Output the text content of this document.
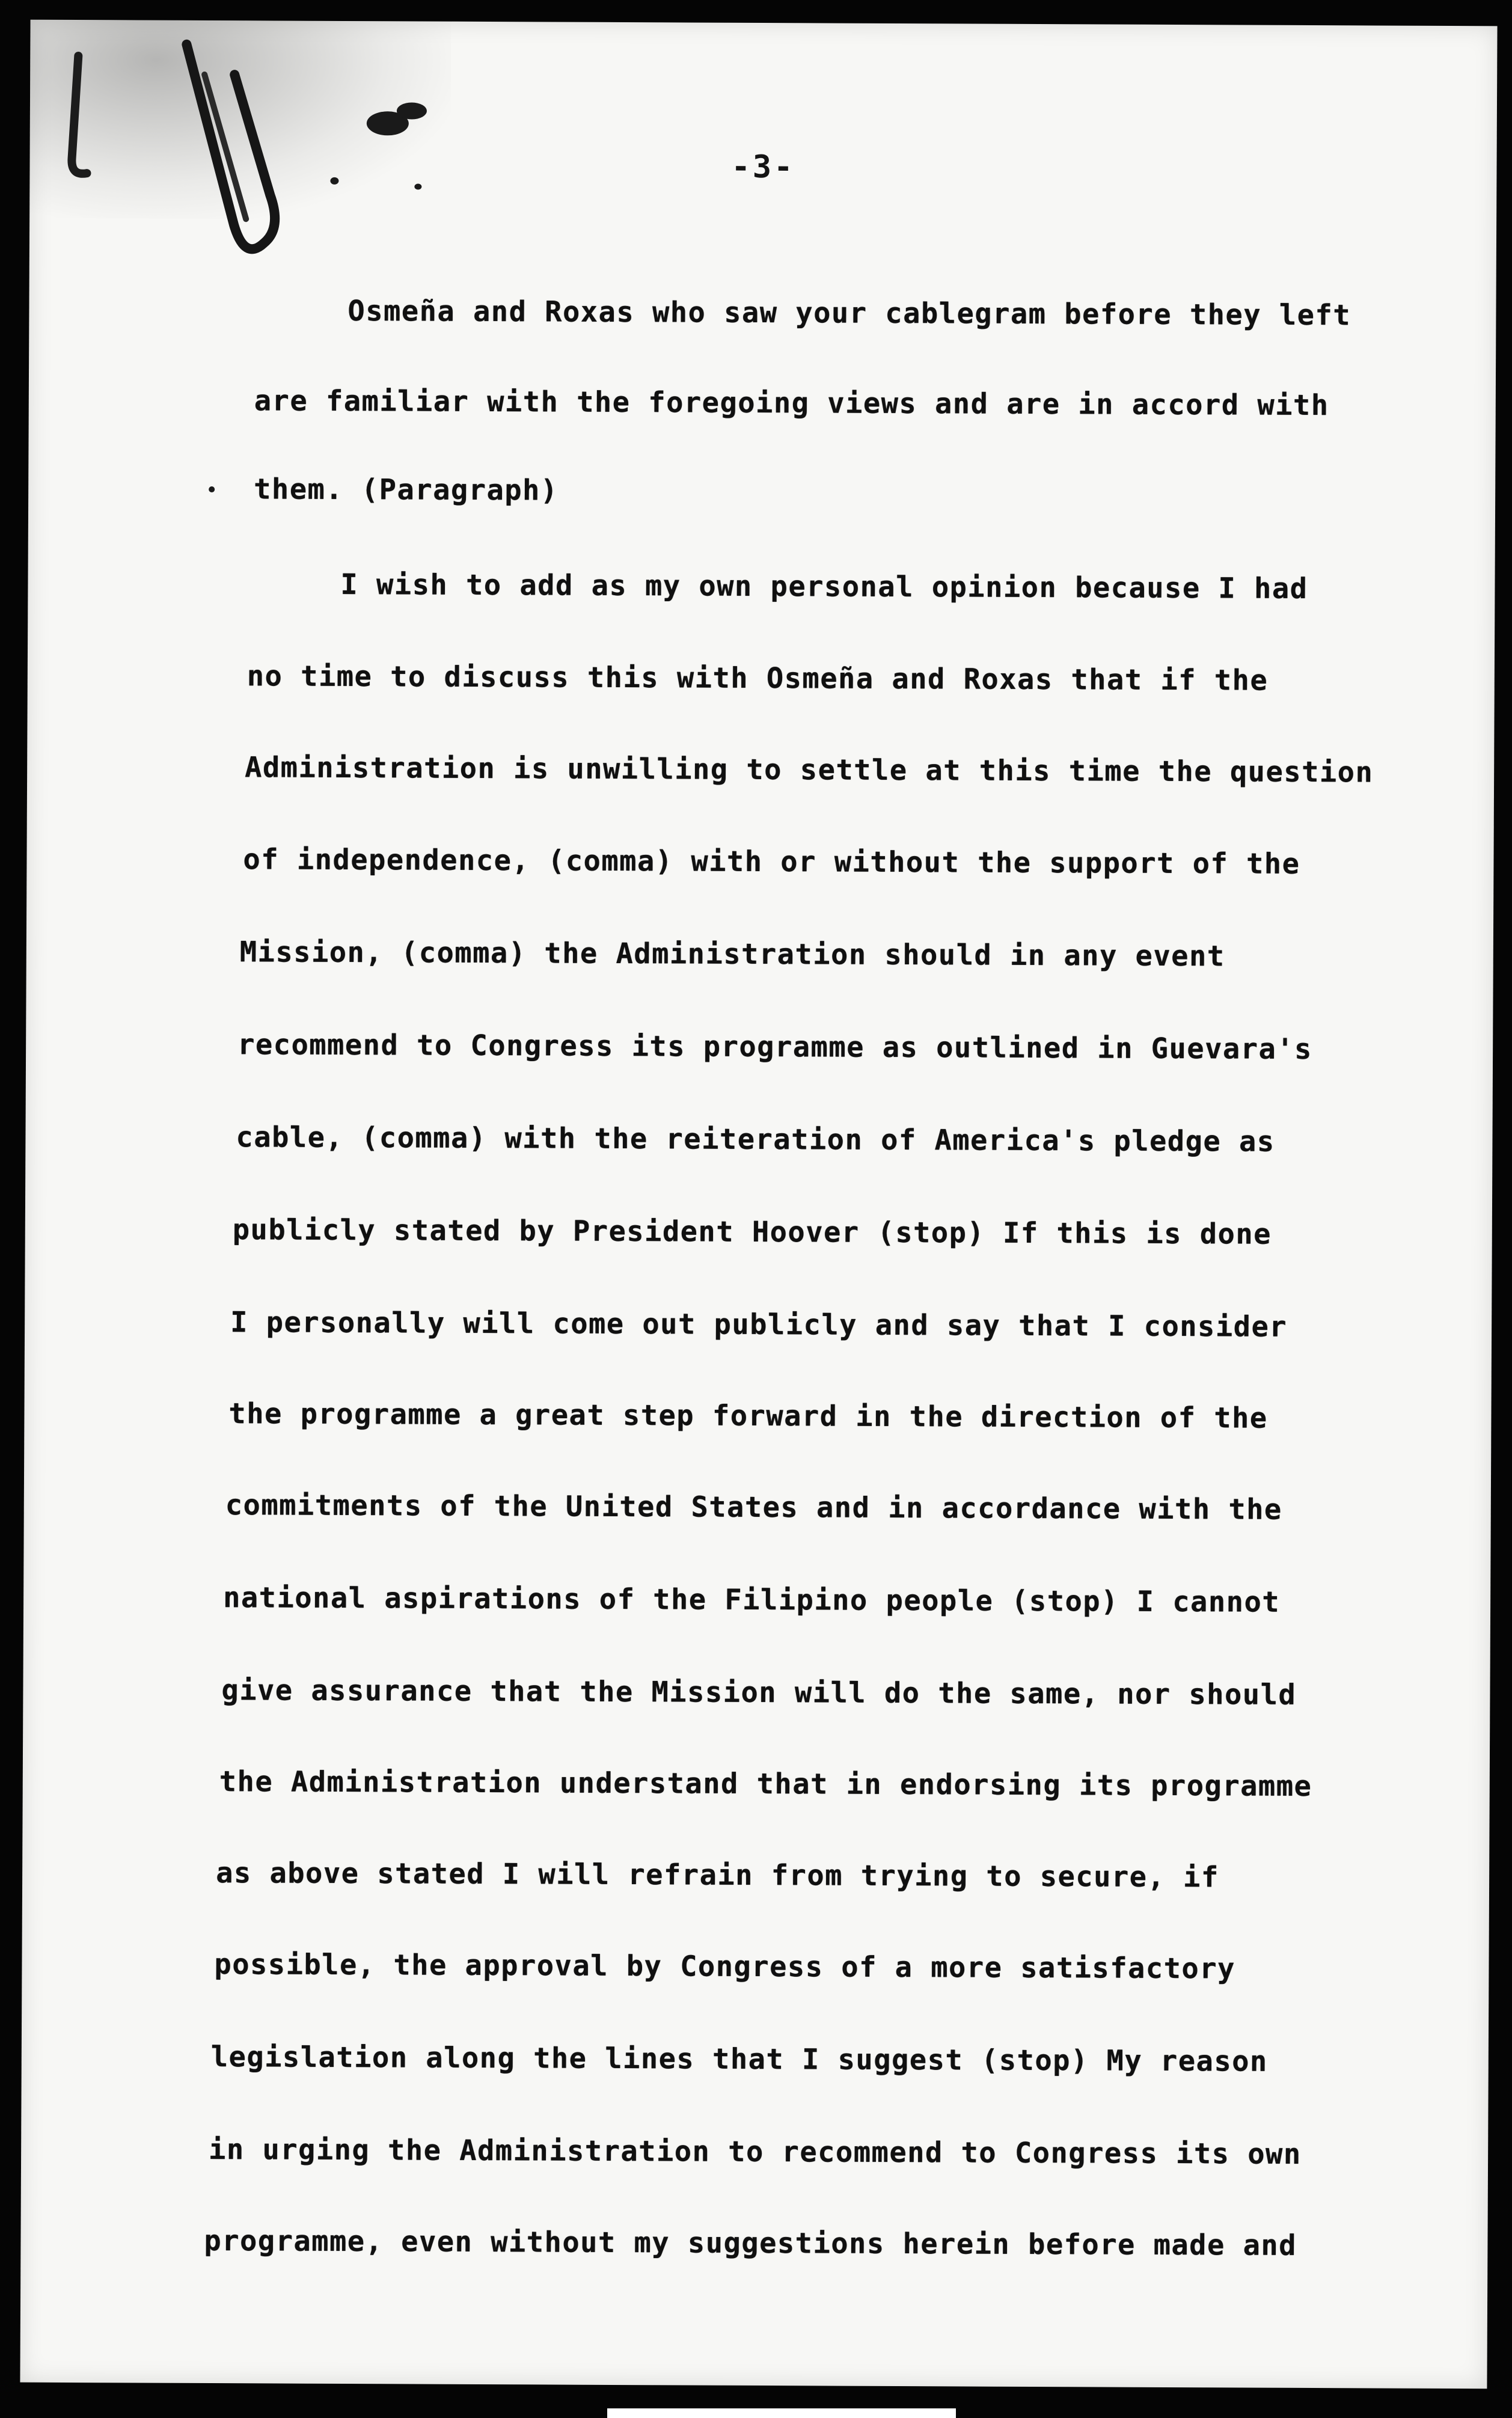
-3-
Osmeña and Roxas who saw your cablegram before they left
are familiar with the foregoing views and are in accord with
them. (Paragraph)
I wish to add as my own personal opinion because I had
no time to discuss this with Osmeña and Roxas that if the
Administration is unwilling to settle at this time the question
of independence, (comma) with or without the support of the
Mission, (comma) the Administration should in any event
recommend to Congress its programme as outlined in Guevara's
cable, (comma) with the reiteration of America's pledge as
publicly stated by President Hoover (stop) If this is done
I personally will come out publicly and say that I consider
the programme a great step forward in the direction of the
commitments of the United States and in accordance with the
national aspirations of the Filipino people (stop) I cannot
give assurance that the Mission will do the same, nor should
the Administration understand that in endorsing its programme
as above stated I will refrain from trying to secure, if
possible, the approval by Congress of a more satisfactory
legislation along the lines that I suggest (stop) My reason
in urging the Administration to recommend to Congress its own
programme, even without my suggestions herein before made and
